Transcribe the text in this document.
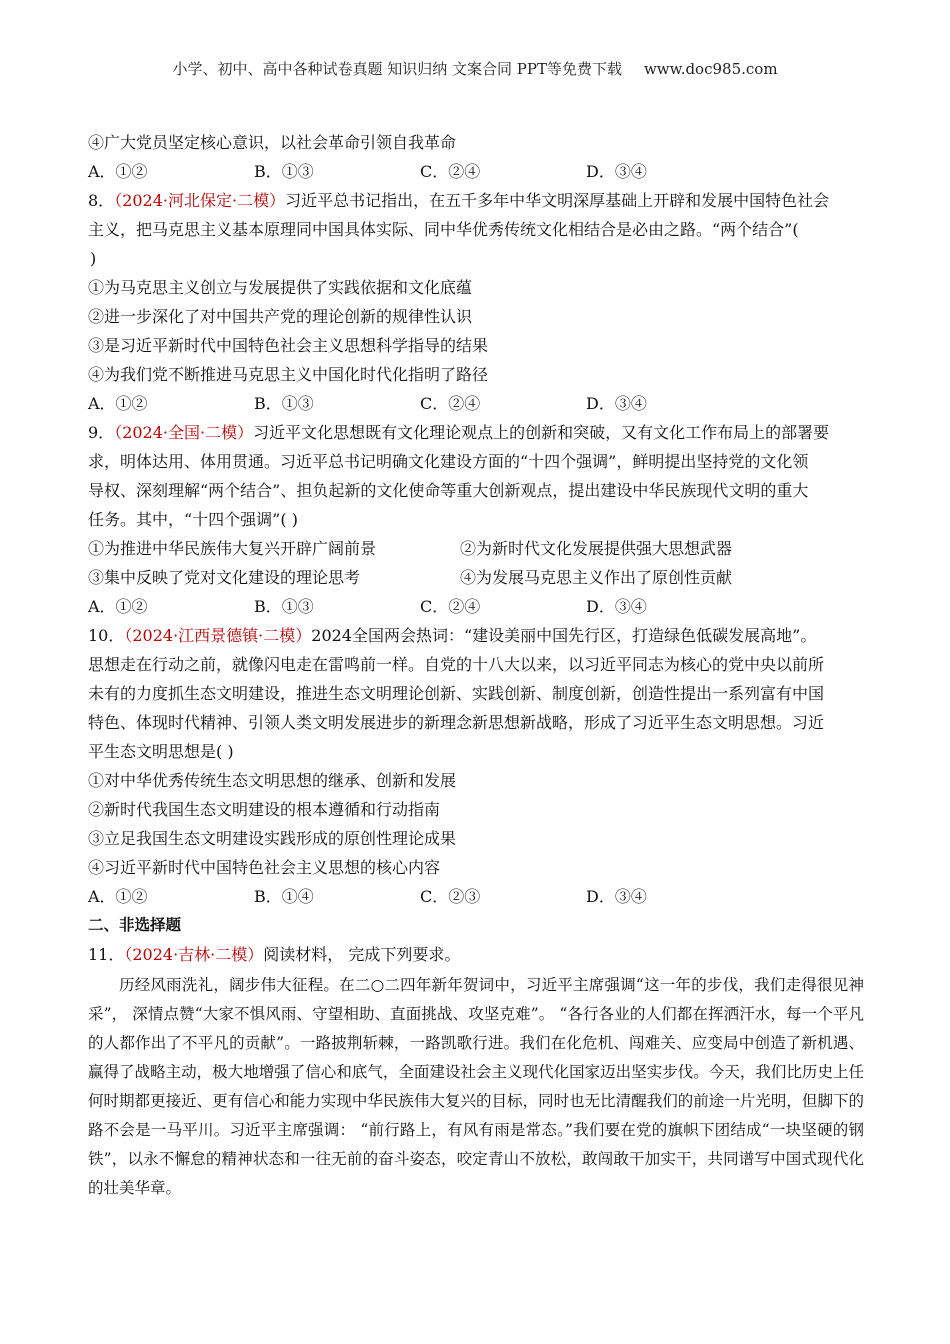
小学、初中、高中各种试卷真题 知识归纳 文案合同 PPT等免费下载 www.doc985.com
④广大党员坚定核心意识，以社会革命引领自我革命
A．①②	B．①③	C．②④	D．③④
8．（2024·河北保定·二模）习近平总书记指出，在五千多年中华文明深厚基础上开辟和发展中国特色社会
主义，把马克思主义基本原理同中国具体实际、同中华优秀传统文化相结合是必由之路。“两个结合”(
)
①为马克思主义创立与发展提供了实践依据和文化底蕴
②进一步深化了对中国共产党的理论创新的规律性认识
③是习近平新时代中国特色社会主义思想科学指导的结果
④为我们党不断推进马克思主义中国化时代化指明了路径
A．①②	B．①③	C．②④	D．③④
9．（2024·全国·二模）习近平文化思想既有文化理论观点上的创新和突破，又有文化工作布局上的部署要
求，明体达用、体用贯通。习近平总书记明确文化建设方面的“十四个强调”，鲜明提出坚持党的文化领
导权、深刻理解“两个结合”、担负起新的文化使命等重大创新观点，提出建设中华民族现代文明的重大
任务。其中，“十四个强调”( )
①为推进中华民族伟大复兴开辟广阔前景	②为新时代文化发展提供强大思想武器
③集中反映了党对文化建设的理论思考	④为发展马克思主义作出了原创性贡献
A．①②	B．①③	C．②④	D．③④
10．（2024·江西景德镇·二模）2024全国两会热词：“建设美丽中国先行区，打造绿色低碳发展高地”。
思想走在行动之前，就像闪电走在雷鸣前一样。自党的十八大以来，以习近平同志为核心的党中央以前所
未有的力度抓生态文明建设，推进生态文明理论创新、实践创新、制度创新，创造性提出一系列富有中国
特色、体现时代精神、引领人类文明发展进步的新理念新思想新战略，形成了习近平生态文明思想。习近
平生态文明思想是( )
①对中华优秀传统生态文明思想的继承、创新和发展
②新时代我国生态文明建设的根本遵循和行动指南
③立足我国生态文明建设实践形成的原创性理论成果
④习近平新时代中国特色社会主义思想的核心内容
A．①②	B．①④	C．②③	D．③④
二、非选择题
11．（2024·吉林·二模）阅读材料， 完成下列要求。
历经风雨洗礼，阔步伟大征程。在二○二四年新年贺词中，习近平主席强调“这一年的步伐，我们走得很见神采”， 深情点赞“大家不惧风雨、守望相助、直面挑战、攻坚克难”。 “各行各业的人们都在挥洒汗水，每一个平凡的人都作出了不平凡的贡献”。一路披荆斩棘，一路凯歌行进。我们在化危机、闯难关、应变局中创造了新机遇、赢得了战略主动，极大地增强了信心和底气，全面建设社会主义现代化国家迈出坚实步伐。今天，我们比历史上任何时期都更接近、更有信心和能力实现中华民族伟大复兴的目标，同时也无比清醒我们的前途一片光明，但脚下的路不会是一马平川。习近平主席强调： “前行路上，有风有雨是常态。”我们要在党的旗帜下团结成“一块坚硬的钢铁”，以永不懈怠的精神状态和一往无前的奋斗姿态，咬定青山不放松，敢闯敢干加实干，共同谱写中国式现代化的壮美华章。
